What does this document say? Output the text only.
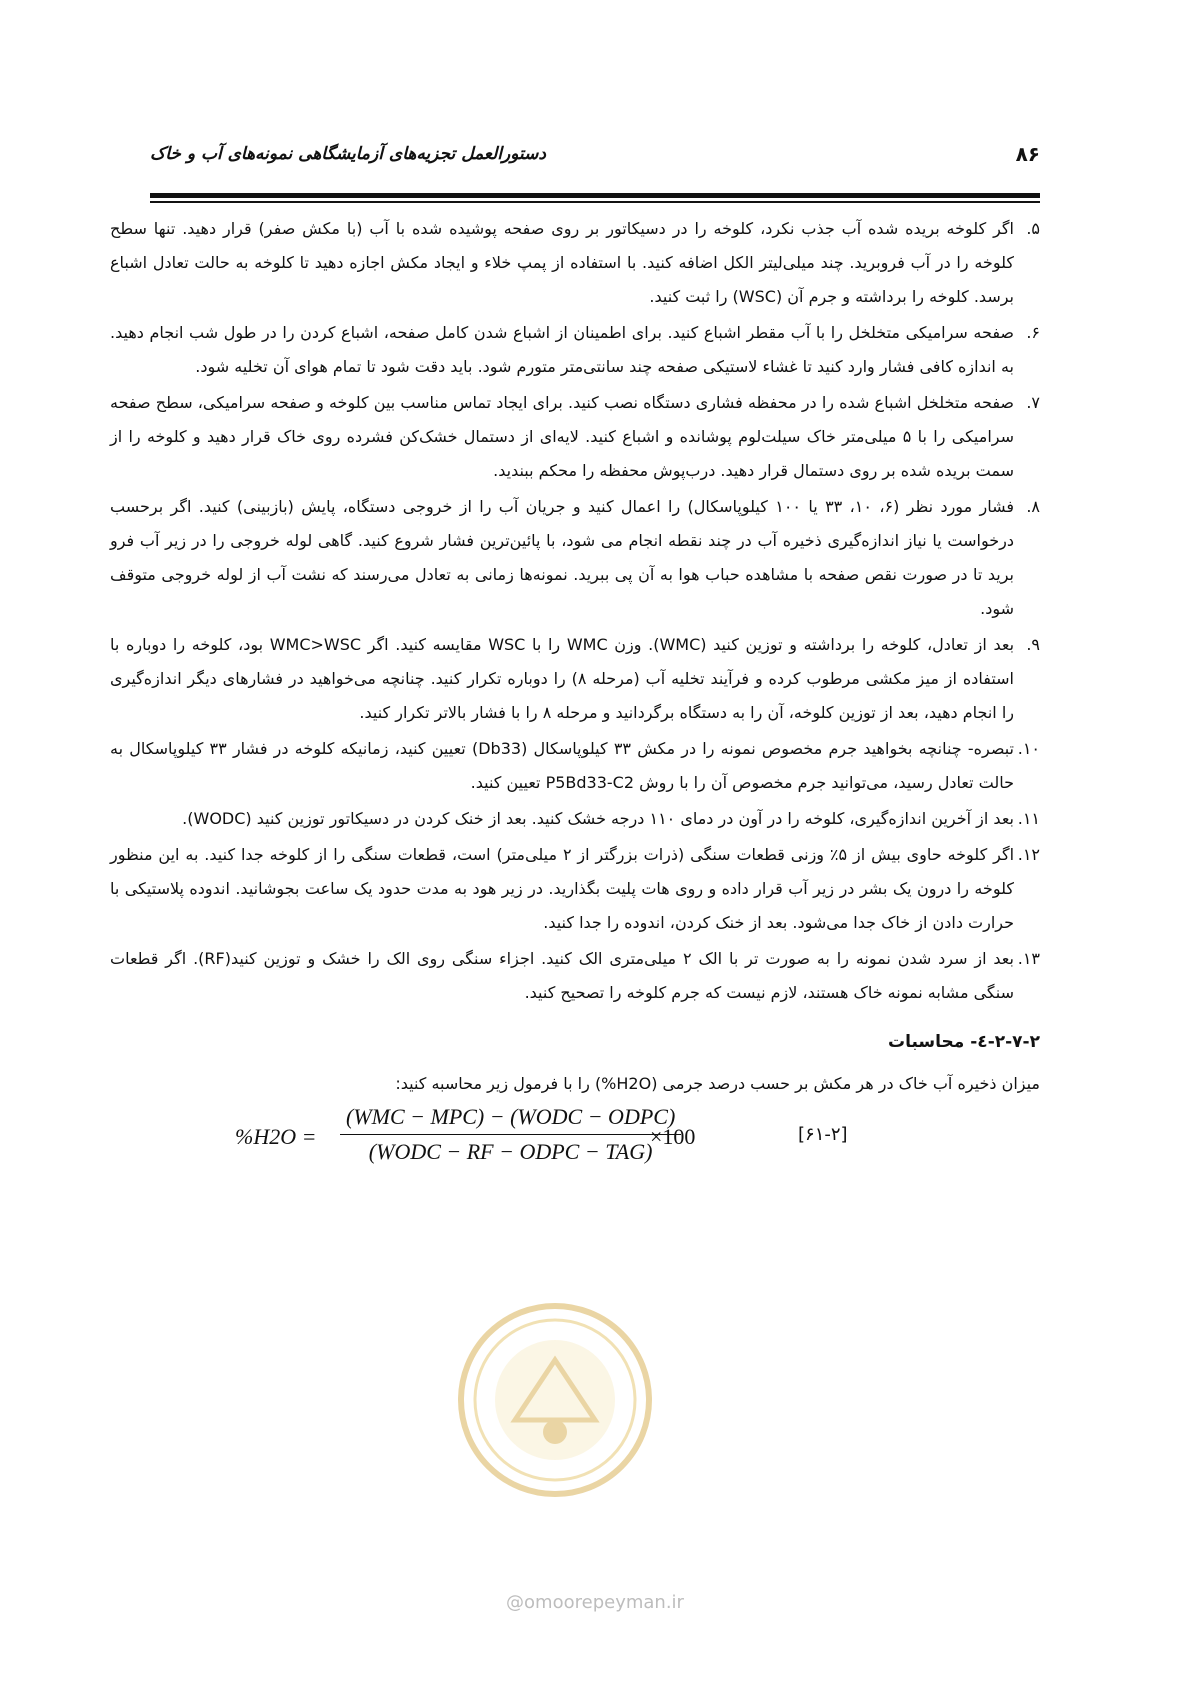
۸۶
دستورالعمل تجزیه‌های آزمایشگاهی نمونه‌های آب و خاک
۵.
اگر کلوخه بریده شده آب جذب نکرد، کلوخه را در دسیکاتور بر روی صفحه پوشیده شده با آب (با مکش صفر) قرار دهید. تنها سطح کلوخه را در آب فروبرید. چند میلی‌لیتر الکل اضافه کنید. با استفاده از پمپ خلاء و ایجاد مکش اجازه دهید تا کلوخه به حالت تعادل اشباع برسد. کلوخه را برداشته و جرم آن (WSC) را ثبت کنید.
۶.
صفحه سرامیکی متخلخل را با آب مقطر اشباع کنید. برای اطمینان از اشباع شدن کامل صفحه، اشباع کردن را در طول شب انجام دهید. به اندازه کافی فشار وارد کنید تا غشاء لاستیکی صفحه چند سانتی‌متر متورم شود. باید دقت شود تا تمام هوای آن تخلیه شود.
۷.
صفحه متخلخل اشباع شده را در محفظه فشاری دستگاه نصب کنید. برای ایجاد تماس مناسب بین کلوخه و صفحه سرامیکی، سطح صفحه سرامیکی را با ۵ میلی‌متر خاک سیلت‌لوم پوشانده و اشباع کنید. لایه‌ای از دستمال خشک‌کن فشرده روی خاک قرار دهید و کلوخه را از سمت بریده شده بر روی دستمال قرار دهید. درب‌پوش محفظه را محکم ببندید.
۸.
فشار مورد نظر (۶، ۱۰، ۳۳ یا ۱۰۰ کیلوپاسکال) را اعمال کنید و جریان آب را از خروجی دستگاه، پایش (بازبینی) کنید. اگر برحسب درخواست یا نیاز اندازه‌گیری ذخیره آب در چند نقطه انجام می شود، با پائین‌ترین فشار شروع کنید. گاهی لوله خروجی را در زیر آب فرو برید تا در صورت نقص صفحه با مشاهده حباب هوا به آن پی ببرید. نمونه‌ها زمانی به تعادل می‌رسند که نشت آب از لوله خروجی متوقف شود.
۹.
بعد از تعادل، کلوخه را برداشته و توزین کنید (WMC). وزن WMC را با WSC مقایسه کنید. اگر WMC>WSC بود، کلوخه را دوباره با استفاده از میز مکشی مرطوب کرده و فرآیند تخلیه آب (مرحله ۸) را دوباره تکرار کنید. چنانچه می‌خواهید در فشارهای دیگر اندازه‌گیری را انجام دهید، بعد از توزین کلوخه، آن را به دستگاه برگردانید و مرحله ۸ را با فشار بالاتر تکرار کنید.
۱۰.
تبصره- چنانچه بخواهید جرم مخصوص نمونه را در مکش ۳۳ کیلوپاسکال (Db33) تعیین کنید، زمانیکه کلوخه در فشار ۳۳ کیلوپاسکال به حالت تعادل رسید، می‌توانید جرم مخصوص آن را با روش P5Bd33-C2 تعیین کنید.
۱۱.
بعد از آخرین اندازه‌گیری، کلوخه را در آون در دمای ۱۱۰ درجه خشک کنید. بعد از خنک کردن در دسیکاتور توزین کنید (WODC).
۱۲.
اگر کلوخه حاوی بیش از ۵٪ وزنی قطعات سنگی (ذرات بزرگتر از ۲ میلی‌متر) است، قطعات سنگی را از کلوخه جدا کنید. به این منظور کلوخه را درون یک بشر در زیر آب قرار داده و روی هات پلیت بگذارید. در زیر هود به مدت حدود یک ساعت بجوشانید. اندوده پلاستیکی با حرارت دادن از خاک جدا می‌شود. بعد از خنک کردن، اندوده را جدا کنید.
۱۳.
بعد از سرد شدن نمونه را به صورت تر با الک ۲ میلی‌متری الک کنید. اجزاء سنگی روی الک را خشک و توزین کنید(RF). اگر قطعات سنگی مشابه نمونه خاک هستند، لازم نیست که جرم کلوخه را تصحیح کنید.
۲-۷-۲-٤- محاسبات
میزان ذخیره آب خاک در هر مکش بر حسب درصد جرمی (H2O%) را با فرمول زیر محاسبه کنید:
%H2O =
(WMC − MPC) − (WODC − ODPC)
(WODC − RF − ODPC − TAG)
×100	[۶۱-۲]
@omoorepeyman.ir
